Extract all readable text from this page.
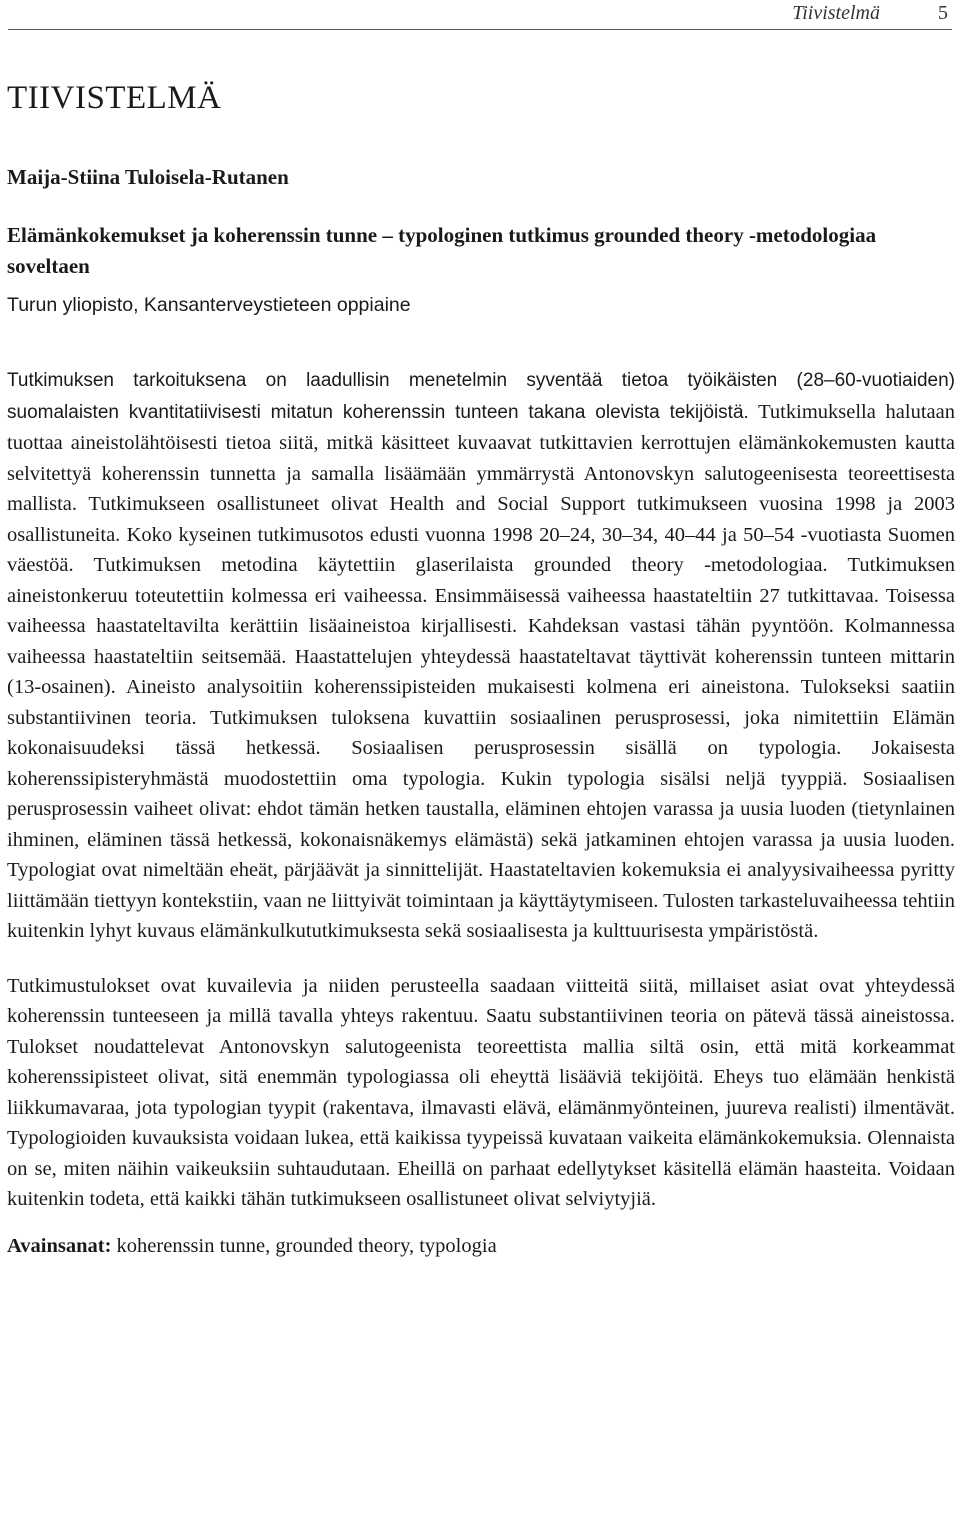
Tiivistelmä	5
TIIVISTELMÄ

Maija-Stiina Tuloisela-Rutanen

Elämänkokemukset ja koherenssin tunne – typologinen tutkimus grounded theory -metodologiaa soveltaen

Turun yliopisto, Kansanterveystieteen oppiaine

Tutkimuksen tarkoituksena on laadullisin menetelmin syventää tietoa työikäisten (28–60-vuotiaiden) suomalaisten kvantitatiivisesti mitatun koherenssin tunteen takana olevista tekijöistä. Tutkimuksella halutaan tuottaa aineistolähtöisesti tietoa siitä, mitkä käsitteet kuvaavat tutkittavien kerrottujen elämänkokemusten kautta selvitettyä koherenssin tunnetta ja samalla lisäämään ymmärrystä Antonovskyn salutogeenisesta teoreettisesta mallista. Tutkimukseen osallistuneet olivat Health and Social Support tutkimukseen vuosina 1998 ja 2003 osallistuneita. Koko kyseinen tutkimusotos edusti vuonna 1998 20–24, 30–34, 40–44 ja 50–54 -vuotiasta Suomen väestöä. Tutkimuksen metodina käytettiin glaserilaista grounded theory -metodologiaa. Tutkimuksen aineistonkeruu toteutettiin kolmessa eri vaiheessa. Ensimmäisessä vaiheessa haastateltiin 27 tutkittavaa. Toisessa vaiheessa haastateltavilta kerättiin lisäaineistoa kirjallisesti. Kahdeksan vastasi tähän pyyntöön. Kolmannessa vaiheessa haastateltiin seitsemää. Haastattelujen yhteydessä haastateltavat täyttivät koherenssin tunteen mittarin (13-osainen). Aineisto analysoitiin koherenssipisteiden mukaisesti kolmena eri aineistona. Tulokseksi saatiin substantiivinen teoria. Tutkimuksen tuloksena kuvattiin sosiaalinen perusprosessi, joka nimitettiin Elämän kokonaisuudeksi tässä hetkessä. Sosiaalisen perusprosessin sisällä on typologia. Jokaisesta koherenssipisteryhmästä muodostettiin oma typologia. Kukin typologia sisälsi neljä tyyppiä. Sosiaalisen perusprosessin vaiheet olivat: ehdot tämän hetken taustalla, eläminen ehtojen varassa ja uusia luoden (tietynlainen ihminen, eläminen tässä hetkessä, kokonaisnäkemys elämästä) sekä jatkaminen ehtojen varassa ja uusia luoden. Typologiat ovat nimeltään eheät, pärjäävät ja sinnittelijät. Haastateltavien kokemuksia ei analyysivaiheessa pyritty liittämään tiettyyn kontekstiin, vaan ne liittyivät toimintaan ja käyttäytymiseen. Tulosten tarkasteluvaiheessa tehtiin kuitenkin lyhyt kuvaus elämänkulkututkimuksesta sekä sosiaalisesta ja kulttuurisesta ympäristöstä.

Tutkimustulokset ovat kuvailevia ja niiden perusteella saadaan viitteitä siitä, millaiset asiat ovat yhteydessä koherenssin tunteeseen ja millä tavalla yhteys rakentuu. Saatu substantiivinen teoria on pätevä tässä aineistossa. Tulokset noudattelevat Antonovskyn salutogeenista teoreettista mallia siltä osin, että mitä korkeammat koherenssipisteet olivat, sitä enemmän typologiassa oli eheyttä lisääviä tekijöitä. Eheys tuo elämään henkistä liikkumavaraa, jota typologian tyypit (rakentava, ilmavasti elävä, elämänmyönteinen, juureva realisti) ilmentävät. Typologioiden kuvauksista voidaan lukea, että kaikissa tyypeissä kuvataan vaikeita elämänkokemuksia. Olennaista on se, miten näihin vaikeuksiin suhtaudutaan. Eheillä on parhaat edellytykset käsitellä elämän haasteita. Voidaan kuitenkin todeta, että kaikki tähän tutkimukseen osallistuneet olivat selviytyjiä.

Avainsanat: koherenssin tunne, grounded theory, typologia
